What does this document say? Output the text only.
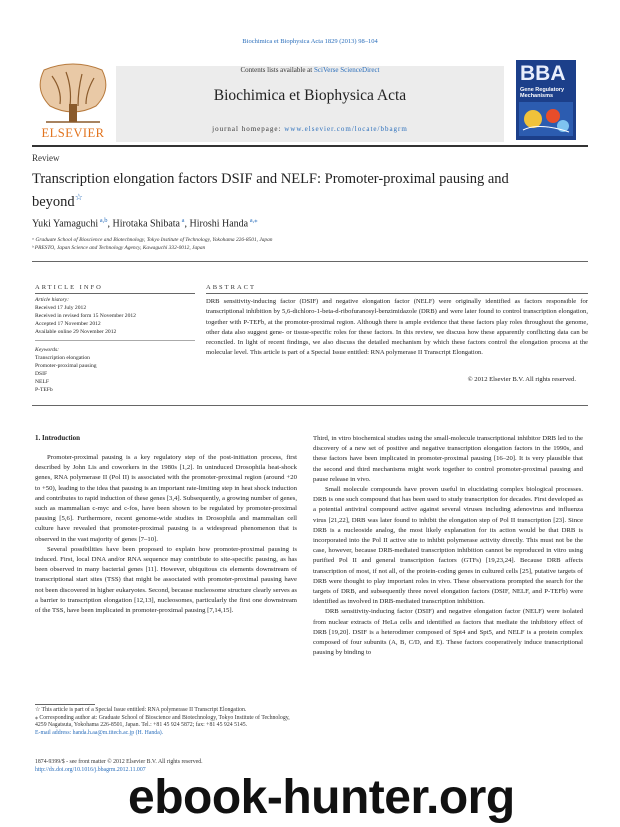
Biochimica et Biophysica Acta 1829 (2013) 98–104
Contents lists available at SciVerse ScienceDirect
Biochimica et Biophysica Acta
journal homepage: www.elsevier.com/locate/bbagrm
ELSEVIER
BBA
Gene Regulatory Mechanisms
Review
Transcription elongation factors DSIF and NELF: Promoter-proximal pausing and beyond☆
Yuki Yamaguchi $^{a,b}$, Hirotaka Shibata $^a$, Hiroshi Handa $^{a,⁎}$
ᵃ Graduate School of Bioscience and Biotechnology, Tokyo Institute of Technology, Yokohama 226-8501, Japan
ᵇ PRESTO, Japan Science and Technology Agency, Kawaguchi 332-0012, Japan
ARTICLE INFO	ABSTRACT
Article history:
Received 17 July 2012
Received in revised form 15 November 2012
Accepted 17 November 2012
Available online 29 November 2012
Keywords:
Transcription elongation
Promoter-proximal pausing
DSIF
NELF
P-TEFb
DRB sensitivity-inducing factor (DSIF) and negative elongation factor (NELF) were originally identified as factors responsible for transcriptional inhibition by 5,6-dichloro-1-beta-d-ribofuranosyl-benzimidazole (DRB) and were later found to control transcription elongation, together with P-TEFb, at the promoter-proximal region. Although there is ample evidence that these factors play roles throughout the genome, other data also suggest gene- or tissue-specific roles for these factors. In this review, we discuss how these apparently conflicting data can be reconciled. In light of recent findings, we also discuss the detailed mechanism by which these factors control the elongation process at the molecular level. This article is part of a Special Issue entitled: RNA polymerase II Transcript Elongation.
© 2012 Elsevier B.V. All rights reserved.
1. Introduction

Promoter-proximal pausing is a key regulatory step of the post-initiation process, first described by John Lis and coworkers in the 1980s [1,2]. In uninduced Drosophila heat-shock genes, RNA polymerase II (Pol II) is associated with the promoter-proximal region (around +20 to +50), leading to the idea that pausing is an important rate-limiting step in heat shock induction and contributes to rapid induction of these genes [3,4]. Subsequently, a growing number of genes, such as mammalian c-myc and c-fos, have been shown to be regulated by promoter-proximal pausing [5,6]. Furthermore, recent genome-wide studies in Drosophila and mammalian cell culture have revealed that promoter-proximal pausing is a widespread phenomenon that is observed in the vast majority of genes [7–10].

Several possibilities have been proposed to explain how promoter-proximal pausing is induced. First, local DNA and/or RNA sequence may contribute to site-specific pausing, as has been observed in many bacterial genes [11]. However, ubiquitous cis elements downstream of transcriptional start sites (TSS) that might be associated with promoter-proximal pausing have not been discovered in higher eukaryotes. Second, because nucleosome structure clearly serves as a barrier to transcription elongation [12,13], nucleosomes, particularly the first one downstream of the TSS, have been implicated in promoter-proximal pausing [7,14,15].

Third, in vitro biochemical studies using the small-molecule transcriptional inhibitor DRB led to the discovery of a new set of positive and negative transcription elongation factors in the 1990s, and these factors have been implicated in promoter-proximal pausing [16–20]. It is very plausible that the second and third mechanisms might work together to control promoter-proximal pausing and pause release in vivo.

Small molecule compounds have proven useful in elucidating complex biological processes. DRB is one such compound that has been used to study transcription for decades. First developed as a potential antiviral compound active against several viruses including adenovirus and influenza virus [21,22], DRB was later found to inhibit the elongation step of Pol II transcription [23]. Since DRB is a nucleoside analog, the most likely explanation for its action would be that DRB is incorporated into the Pol II active site to inhibit polymerase activity directly. This must not be the case, however, because DRB-mediated transcription inhibition cannot be reproduced in vitro using purified Pol II and general transcription factors (GTFs) [19,23,24]. Because DRB affects transcription of most, if not all, of the protein-coding genes in cultured cells [25], putative targets of DRB were thought to play important roles in vivo. These observations prompted the search for the targets of DRB, and subsequently three novel elongation factors (DSIF, NELF, and P-TEFb) were identified as involved in DRB-mediated transcription inhibition.

DRB sensitivity-inducing factor (DSIF) and negative elongation factor (NELF) were isolated from nuclear extracts of HeLa cells and identified as factors that mediate the inhibitory effect of DRB [19,20]. DSIF is a heterodimer composed of Spt4 and Spt5, and NELF is a protein complex composed of four subunits (A, B, C/D, and E). These factors cooperatively induce transcriptional pausing by binding to

☆ This article is part of a Special Issue entitled: RNA polymerase II Transcript Elongation.
⁎ Corresponding author at: Graduate School of Bioscience and Biotechnology, Tokyo Institute of Technology, 4259 Nagatsuta, Yokohama 226-8501, Japan. Tel.: +81 45 924 5872; fax: +81 45 924 5145.
E-mail address: handa.h.aa@m.titech.ac.jp (H. Handa).
1874-9399/$ - see front matter © 2012 Elsevier B.V. All rights reserved.
http://dx.doi.org/10.1016/j.bbagrm.2012.11.007
ebook-hunter.org
